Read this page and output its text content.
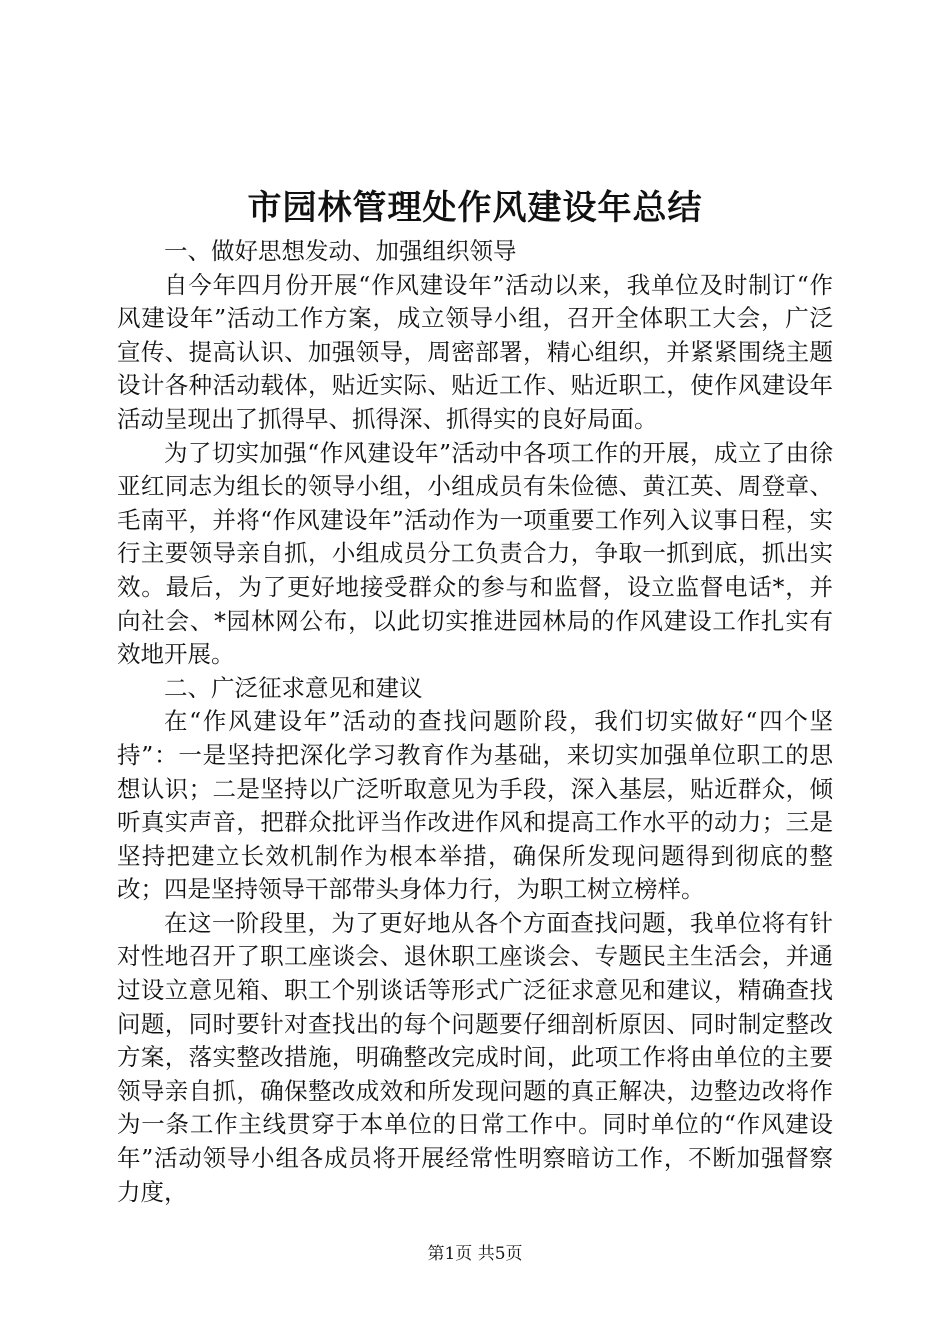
市园林管理处作风建设年总结

一、做好思想发动、加强组织领导

自今年四月份开展“作风建设年”活动以来，我单位及时制订“作风建设年”活动工作方案，成立领导小组，召开全体职工大会，广泛宣传、提高认识、加强领导，周密部署，精心组织，并紧紧围绕主题设计各种活动载体，贴近实际、贴近工作、贴近职工，使作风建设年活动呈现出了抓得早、抓得深、抓得实的良好局面。

为了切实加强“作风建设年”活动中各项工作的开展，成立了由徐亚红同志为组长的领导小组，小组成员有朱俭德、黄江英、周登章、毛南平，并将“作风建设年”活动作为一项重要工作列入议事日程，实行主要领导亲自抓，小组成员分工负责合力，争取一抓到底，抓出实效。最后，为了更好地接受群众的参与和监督，设立监督电话*，并向社会、*园林网公布，以此切实推进园林局的作风建设工作扎实有效地开展。

二、广泛征求意见和建议

在“作风建设年”活动的查找问题阶段，我们切实做好“四个坚持”：一是坚持把深化学习教育作为基础，来切实加强单位职工的思想认识；二是坚持以广泛听取意见为手段，深入基层，贴近群众，倾听真实声音，把群众批评当作改进作风和提高工作水平的动力；三是坚持把建立长效机制作为根本举措，确保所发现问题得到彻底的整改；四是坚持领导干部带头身体力行，为职工树立榜样。

在这一阶段里，为了更好地从各个方面查找问题，我单位将有针对性地召开了职工座谈会、退休职工座谈会、专题民主生活会，并通过设立意见箱、职工个别谈话等形式广泛征求意见和建议，精确查找问题，同时要针对查找出的每个问题要仔细剖析原因、同时制定整改方案，落实整改措施，明确整改完成时间，此项工作将由单位的主要领导亲自抓，确保整改成效和所发现问题的真正解决，边整边改将作为一条工作主线贯穿于本单位的日常工作中。同时单位的“作风建设年”活动领导小组各成员将开展经常性明察暗访工作，不断加强督察力度，

第1页 共5页
